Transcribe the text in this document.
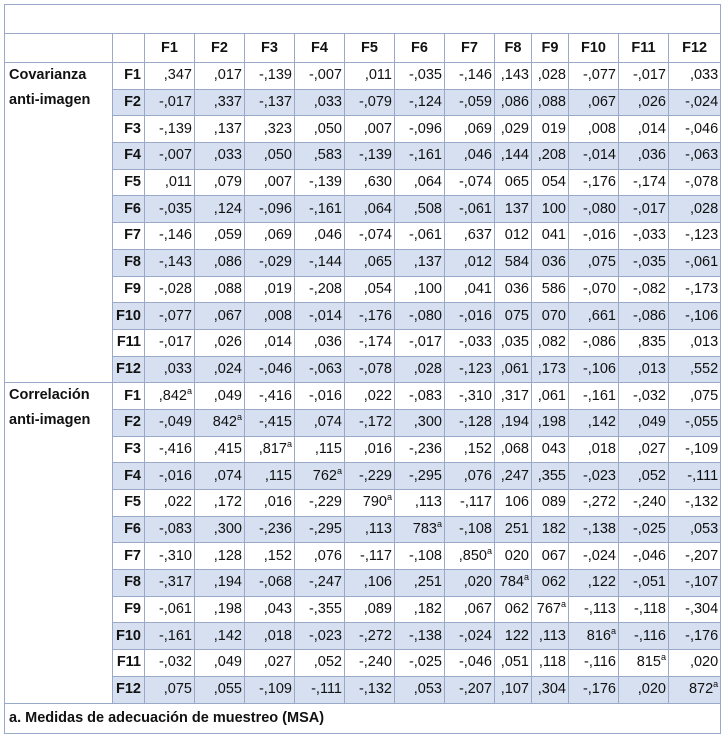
		F1	F2	F3	F4	F5	F6	F7	F8	F9	F10	F11	F12
Covarianza anti-imagen	F1	,347	,017	-,139	-,007	,011	-,035	-,146	,143	,028	-,077	-,017	,033
	F2	-,017	,337	-,137	,033	-,079	-,124	-,059	,086	,088	,067	,026	-,024
	F3	-,139	,137	,323	,050	,007	-,096	,069	,029	019	,008	,014	-,046
	F4	-,007	,033	,050	,583	-,139	-,161	,046	,144	,208	-,014	,036	-,063
	F5	,011	,079	,007	-,139	,630	,064	-,074	065	054	-,176	-,174	-,078
	F6	-,035	,124	-,096	-,161	,064	,508	-,061	137	100	-,080	-,017	,028
	F7	-,146	,059	,069	,046	-,074	-,061	,637	012	041	-,016	-,033	-,123
	F8	-,143	,086	-,029	-,144	,065	,137	,012	584	036	,075	-,035	-,061
	F9	-,028	,088	,019	-,208	,054	,100	,041	036	586	-,070	-,082	-,173
	F10	-,077	,067	,008	-,014	-,176	-,080	-,016	075	070	,661	-,086	-,106
	F11	-,017	,026	,014	,036	-,174	-,017	-,033	,035	,082	-,086	,835	,013
	F12	,033	,024	-,046	-,063	-,078	,028	-,123	,061	,173	-,106	,013	,552
Correlación anti-imagen	F1	,842$^a$	,049	-,416	-,016	,022	-,083	-,310	,317	,061	-,161	-,032	,075
	F2	-,049	842$^a$	-,415	,074	-,172	,300	-,128	,194	,198	,142	,049	-,055
	F3	-,416	,415	,817$^a$	,115	,016	-,236	,152	,068	043	,018	,027	-,109
	F4	-,016	,074	,115	762$^a$	-,229	-,295	,076	,247	,355	-,023	,052	-,111
	F5	,022	,172	,016	-,229	790$^a$	,113	-,117	106	089	-,272	-,240	-,132
	F6	-,083	,300	-,236	-,295	,113	783$^a$	-,108	251	182	-,138	-,025	,053
	F7	-,310	,128	,152	,076	-,117	-,108	,850$^a$	020	067	-,024	-,046	-,207
	F8	-,317	,194	-,068	-,247	,106	,251	,020	784$^a$	062	,122	-,051	-,107
	F9	-,061	,198	,043	-,355	,089	,182	,067	062	767$^a$	-,113	-,118	-,304
	F10	-,161	,142	,018	-,023	-,272	-,138	-,024	122	,113	816$^a$	-,116	-,176
	F11	-,032	,049	,027	,052	-,240	-,025	-,046	,051	,118	-,116	815$^a$	,020
	F12	,075	,055	-,109	-,111	-,132	,053	-,207	,107	,304	-,176	,020	872$^a$
a. Medidas de adecuación de muestreo (MSA)													
